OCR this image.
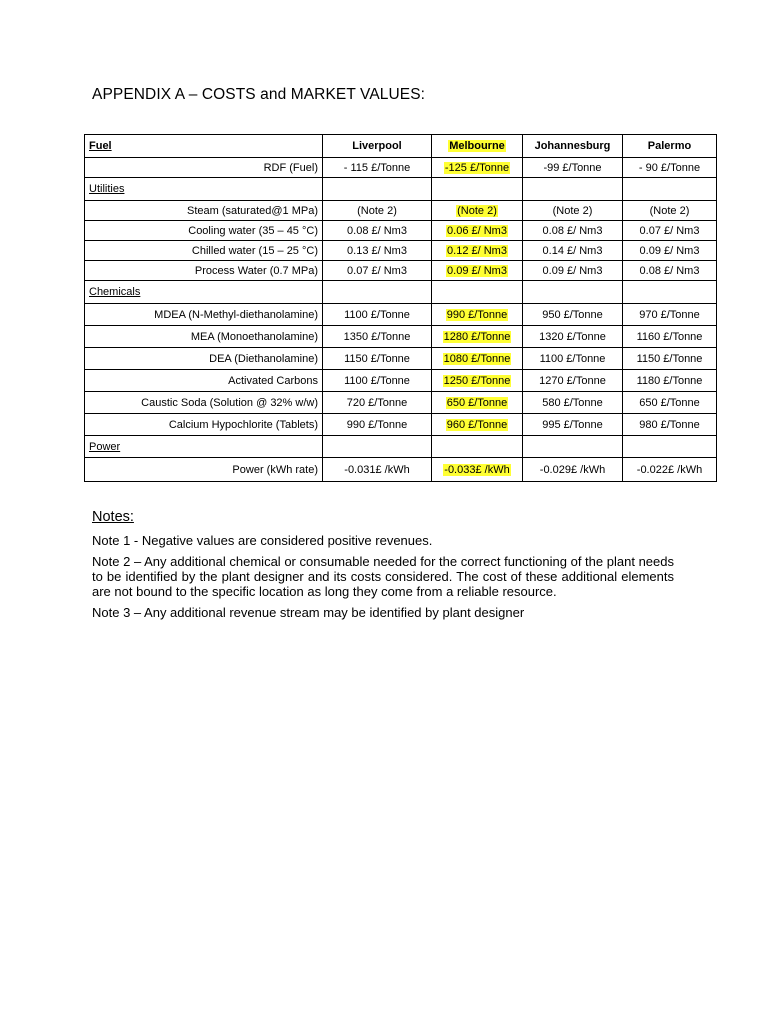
APPENDIX A – COSTS and MARKET VALUES:
Fuel	Liverpool	Melbourne	Johannesburg	Palermo
RDF (Fuel)	- 115 £/Tonne	-125 £/Tonne	-99 £/Tonne	- 90 £/Tonne
Utilities				
Steam (saturated@1 MPa)	(Note 2)	(Note 2)	(Note 2)	(Note 2)
Cooling water (35 – 45 °C)	0.08 £/ Nm3	0.06 £/ Nm3	0.08 £/ Nm3	0.07 £/ Nm3
Chilled water (15 – 25 °C)	0.13 £/ Nm3	0.12 £/ Nm3	0.14 £/ Nm3	0.09 £/ Nm3
Process Water (0.7 MPa)	0.07 £/ Nm3	0.09 £/ Nm3	0.09 £/ Nm3	0.08 £/ Nm3
Chemicals				
MDEA (N-Methyl-diethanolamine)	1100 £/Tonne	990 £/Tonne	950 £/Tonne	970 £/Tonne
MEA (Monoethanolamine)	1350 £/Tonne	1280 £/Tonne	1320 £/Tonne	1160 £/Tonne
DEA (Diethanolamine)	1150 £/Tonne	1080 £/Tonne	1100 £/Tonne	1150 £/Tonne
Activated Carbons	1100 £/Tonne	1250 £/Tonne	1270 £/Tonne	1180 £/Tonne
Caustic Soda (Solution @ 32% w/w)	720 £/Tonne	650 £/Tonne	580 £/Tonne	650 £/Tonne
Calcium Hypochlorite (Tablets)	990 £/Tonne	960 £/Tonne	995 £/Tonne	980 £/Tonne
Power				
Power (kWh rate)	-0.031£ /kWh	-0.033£ /kWh	-0.029£ /kWh	-0.022£ /kWh
Notes:

Note 1 - Negative values are considered positive revenues.

Note 2 – Any additional chemical or consumable needed for the correct functioning of the plant needs to be identified by the plant designer and its costs considered. The cost of these additional elements are not bound to the specific location as long they come from a reliable resource.

Note 3 – Any additional revenue stream may be identified by plant designer
